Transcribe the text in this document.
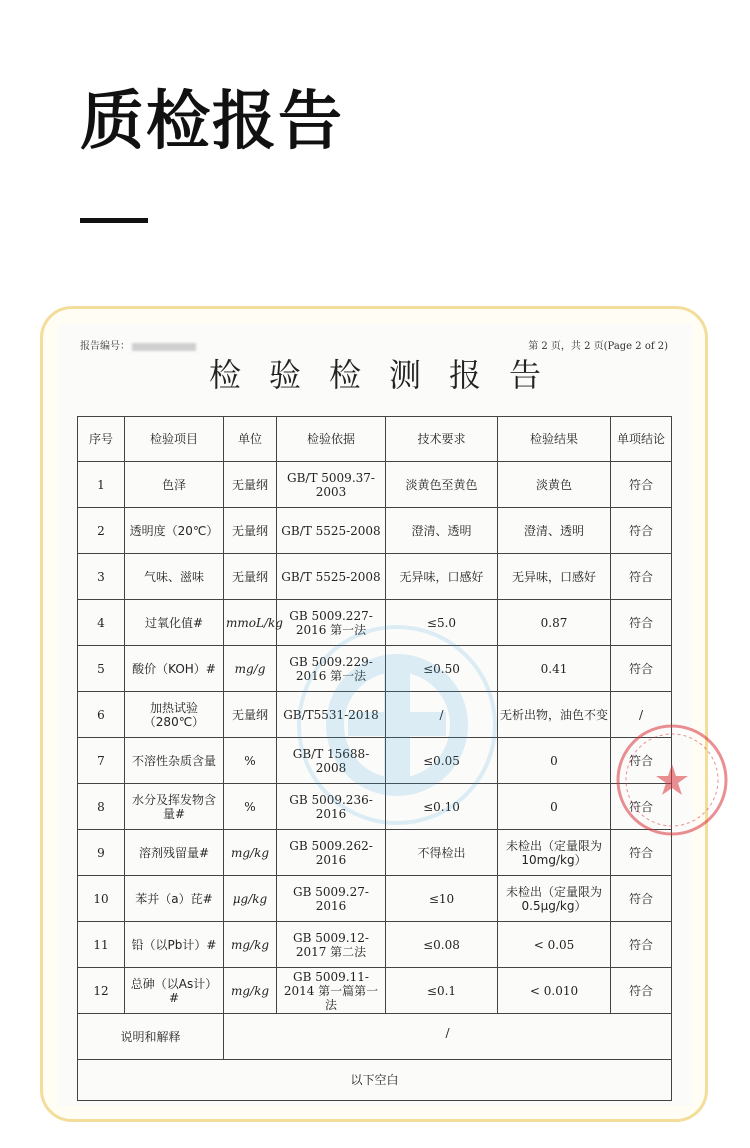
质检报告
报告编号：	第 2 页，共 2 页(Page 2 of 2)
检验检测报告
序号	检验项目	单位	检验依据	技术要求	检验结果	单项结论
1	色泽	无量纲	GB/T 5009.37-2003	淡黄色至黄色	淡黄色	符合
2	透明度（20℃）	无量纲	GB/T 5525-2008	澄清、透明	澄清、透明	符合
3	气味、滋味	无量纲	GB/T 5525-2008	无异味，口感好	无异味，口感好	符合
4	过氧化值#	mmoL/kg	GB 5009.227-2016 第一法	≤5.0	0.87	符合
5	酸价（KOH）#	mg/g	GB 5009.229-2016 第一法	≤0.50	0.41	符合
6	加热试验（280℃）	无量纲	GB/T5531-2018	/	无析出物，油色不变	/
7	不溶性杂质含量	%	GB/T 15688-2008	≤0.05	0	符合
8	水分及挥发物含量#	%	GB 5009.236-2016	≤0.10	0	符合
9	溶剂残留量#	mg/kg	GB 5009.262-2016	不得检出	未检出（定量限为10mg/kg）	符合
10	苯并（a）芘#	μg/kg	GB 5009.27-2016	≤10	未检出（定量限为0.5μg/kg）	符合
11	铅（以Pb计）#	mg/kg	GB 5009.12-2017 第二法	≤0.08	< 0.05	符合
12	总砷（以As计）#	mg/kg	GB 5009.11-2014 第一篇第一法	≤0.1	< 0.010	符合
说明和解释		/				
以下空白						
